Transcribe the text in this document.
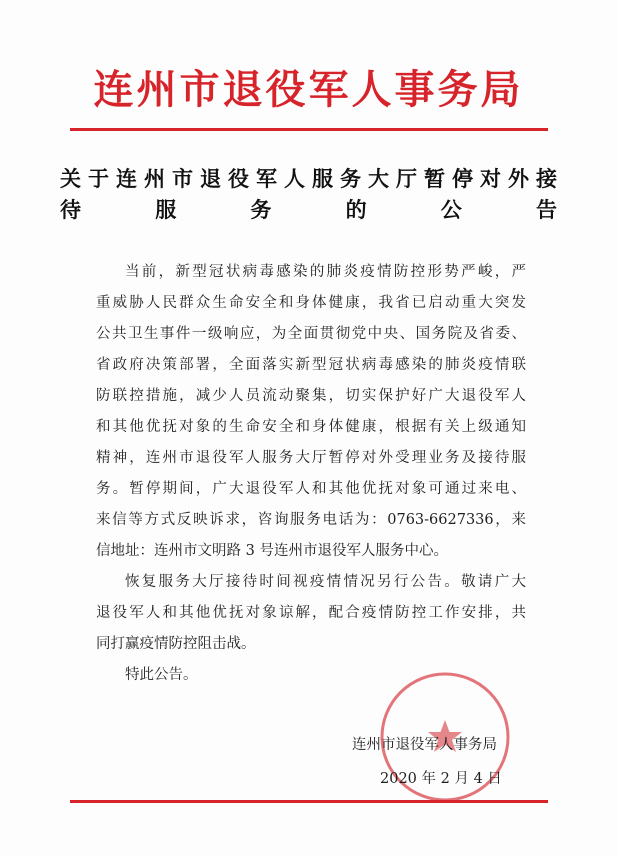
连州市退役军人事务局
关于连州市退役军人服务大厅暂停对外接
待服务的公告
当前，新型冠状病毒感染的肺炎疫情防控形势严峻，严
重威胁人民群众生命安全和身体健康，我省已启动重大突发
公共卫生事件一级响应，为全面贯彻党中央、国务院及省委、
省政府决策部署，全面落实新型冠状病毒感染的肺炎疫情联
防联控措施，减少人员流动聚集，切实保护好广大退役军人
和其他优抚对象的生命安全和身体健康，根据有关上级通知
精神，连州市退役军人服务大厅暂停对外受理业务及接待服
务。暂停期间，广大退役军人和其他优抚对象可通过来电、
来信等方式反映诉求，咨询服务电话为：0763-6627336，来
信地址：连州市文明路 3 号连州市退役军人服务中心。
恢复服务大厅接待时间视疫情情况另行公告。敬请广大
退役军人和其他优抚对象谅解，配合疫情防控工作安排，共
同打赢疫情防控阻击战。
特此公告。
连州市退役军人事务局
2020 年 2 月 4 日
